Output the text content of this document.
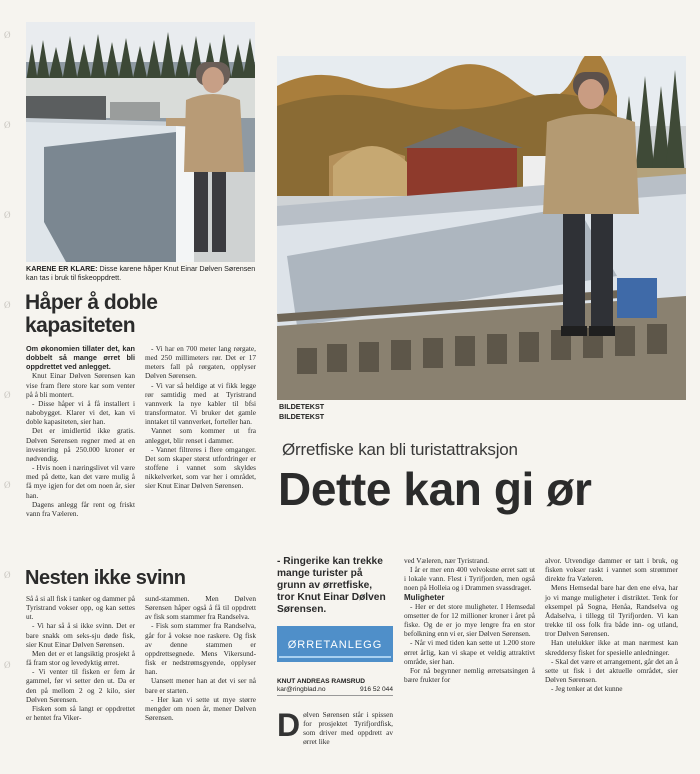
Ø
Ø
Ø
Ø
Ø
Ø
Ø
Ø
KARENE ER KLARE: Disse karene håper Knut Einar Dølven Sørensen kan tas i bruk til fiskeoppdrett.
Håper å doble
kapasiteten

Om økonomien tillater det, kan dobbelt så mange ørret bli oppdrettet ved anlegget.

Knut Einar Dølven Sørensen kan vise fram flere store kar som venter på å bli montert.

- Disse håper vi å få installert i nabobygget. Klarer vi det, kan vi doble kapasiteten, sier han.

Det er imidlertid ikke gratis. Dølven Sørensen regner med at en investering på 250.000 kroner er nødvendig.

- Hvis noen i næringslivet vil være med på dette, kan det være mulig å få mye igjen for det om noen år, sier han.

Dagens anlegg får rent og friskt vann fra Væleren.

- Vi har en 700 meter lang rørgate, med 250 millimeters rør. Det er 17 meters fall på rørgaten, opplyser Dølven Sørensen.

- Vi var så heldige at vi fikk legge rør samtidig med at Tyristrand vannverk la nye kabler til bfsi transformator. Vi bruker det gamle inntaket til vannverket, forteller han.

Vannet som kommer ut fra anlegget, blir renset i dammer.

- Vannet filtreres i flere omganger. Det som skaper størst utfordringer er stoffene i vannet som skyldes nikkelverket, som var her i området, sier Knut Einar Dølven Sørensen.

Nesten ikke svinn

Så å si all fisk i tanker og dammer på Tyristrand vokser opp, og kan settes ut.

- Vi har så å si ikke svinn. Det er bare snakk om seks-sju døde fisk, sier Knut Einar Dølven Sørensen.

Men det er et langsiktig prosjekt å få fram stor og levedyktig ørret.

- Vi venter til fisken er fem år gammel, før vi setter den ut. Da er den på mellom 2 og 2 kilo, sier Dølven Sørensen.

Fisken som så langt er oppdrettet er hentet fra Viker-

sund-stammen. Men Dølven Sørensen håper også å få til oppdrett av fisk som stammer fra Randselva.

- Fisk som stammer fra Randselva, går for å vokse noe raskere. Og fisk av denne stammen er oppdrettsegnede. Mens Vikersund-fisk er nedstrømsgyende, opplyser han.

Uansett mener han at det vi ser nå bare er starten.

- Her kan vi sette ut mye større mengder om noen år, mener Dølven Sørensen.

BILDETEKST
BILDETEKST
Ørretfiske kan bli turistattraksjon
Dette kan gi ør
- Ringerike kan trekke mange turister på grunn av ørretfiske, tror Knut Einar Dølven Sørensen.
ØRRETANLEGG
KNUT ANDREAS RAMSRUD
kar@ringblad.no	916 52 044
D ølven Sørensen står i spissen for prosjektet Tyrifjordfisk, som driver med oppdrett av ørret like

ved Væleren, nær Tyristrand.

I år er mer enn 400 velvoksne ørret satt ut i lokale vann. Flest i Tyrifjorden, men også noen på Holleia og i Drammen svassdraget.

Muligheter

- Her er det store muligheter. I Hemsedal omsetter de for 12 millioner kroner i året på fiske. Og de er jo mye lengre fra en stor befolkning enn vi er, sier Dølven Sørensen.

- Når vi med tiden kan sette ut 1.200 store ørret årlig, kan vi skape et veldig attraktivt område, sier han.

For nå begynner nemlig ørretsatsingen å bære frukter for

alvor. Utvendige dammer er tatt i bruk, og fisken vokser raskt i vannet som strømmer direkte fra Væleren.

Mens Hemsedal bare har den ene elva, har jo vi mange muligheter i distriktet. Tenk for eksempel på Sogna, Henåa, Randselva og Ådalselva, i tillegg til Tyrifjorden. Vi kan trekke til oss folk fra både inn- og utland, tror Dølven Sørensen.

Han utelukker ikke at man nærmest kan skreddersy fisket for spesielle anledninger.

- Skal det være et arrangement, går det an å sette ut fisk i det aktuelle området, sier Dølven Sørensen.

- Jeg tenker at det kunne
